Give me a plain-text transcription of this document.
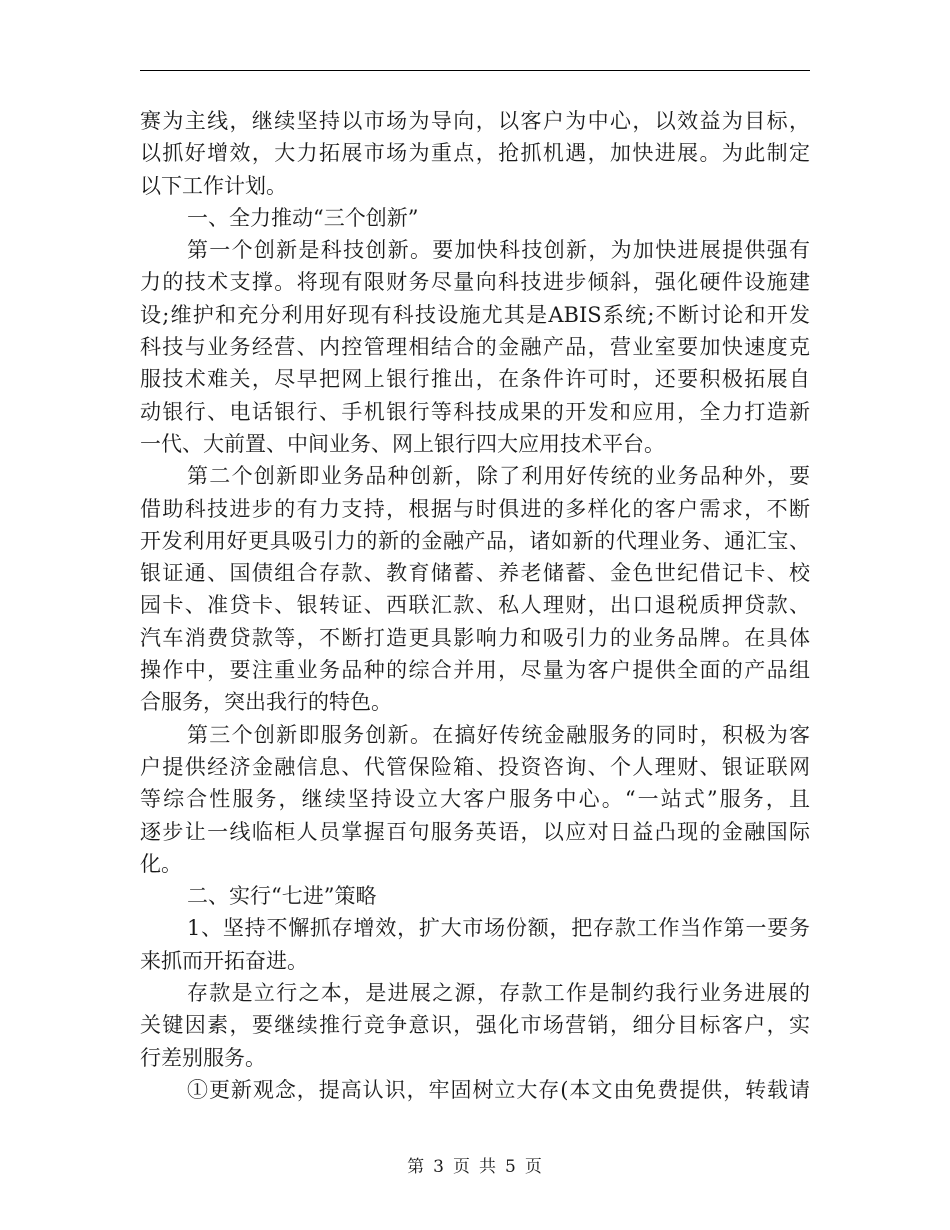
赛为主线，继续坚持以市场为导向，以客户为中心，以效益为目标，
以抓好增效，大力拓展市场为重点，抢抓机遇，加快进展。为此制定
以下工作计划。
一、全力推动“三个创新”
第一个创新是科技创新。要加快科技创新，为加快进展提供强有
力的技术支撑。将现有限财务尽量向科技进步倾斜，强化硬件设施建
设;维护和充分利用好现有科技设施尤其是ABIS系统;不断讨论和开发
科技与业务经营、内控管理相结合的金融产品，营业室要加快速度克
服技术难关，尽早把网上银行推出，在条件许可时，还要积极拓展自
动银行、电话银行、手机银行等科技成果的开发和应用，全力打造新
一代、大前置、中间业务、网上银行四大应用技术平台。
第二个创新即业务品种创新，除了利用好传统的业务品种外，要
借助科技进步的有力支持，根据与时俱进的多样化的客户需求，不断
开发利用好更具吸引力的新的金融产品，诸如新的代理业务、通汇宝、
银证通、国债组合存款、教育储蓄、养老储蓄、金色世纪借记卡、校
园卡、准贷卡、银转证、西联汇款、私人理财，出口退税质押贷款、
汽车消费贷款等，不断打造更具影响力和吸引力的业务品牌。在具体
操作中，要注重业务品种的综合并用，尽量为客户提供全面的产品组
合服务，突出我行的特色。
第三个创新即服务创新。在搞好传统金融服务的同时，积极为客
户提供经济金融信息、代管保险箱、投资咨询、个人理财、银证联网
等综合性服务，继续坚持设立大客户服务中心。“一站式”服务，且
逐步让一线临柜人员掌握百句服务英语，以应对日益凸现的金融国际
化。
二、实行“七进”策略
1、坚持不懈抓存增效，扩大市场份额，把存款工作当作第一要务
来抓而开拓奋进。
存款是立行之本，是进展之源，存款工作是制约我行业务进展的
关键因素，要继续推行竞争意识，强化市场营销，细分目标客户，实
行差别服务。
①更新观念，提高认识，牢固树立大存(本文由免费提供，转载请
第 3 页 共 5 页
